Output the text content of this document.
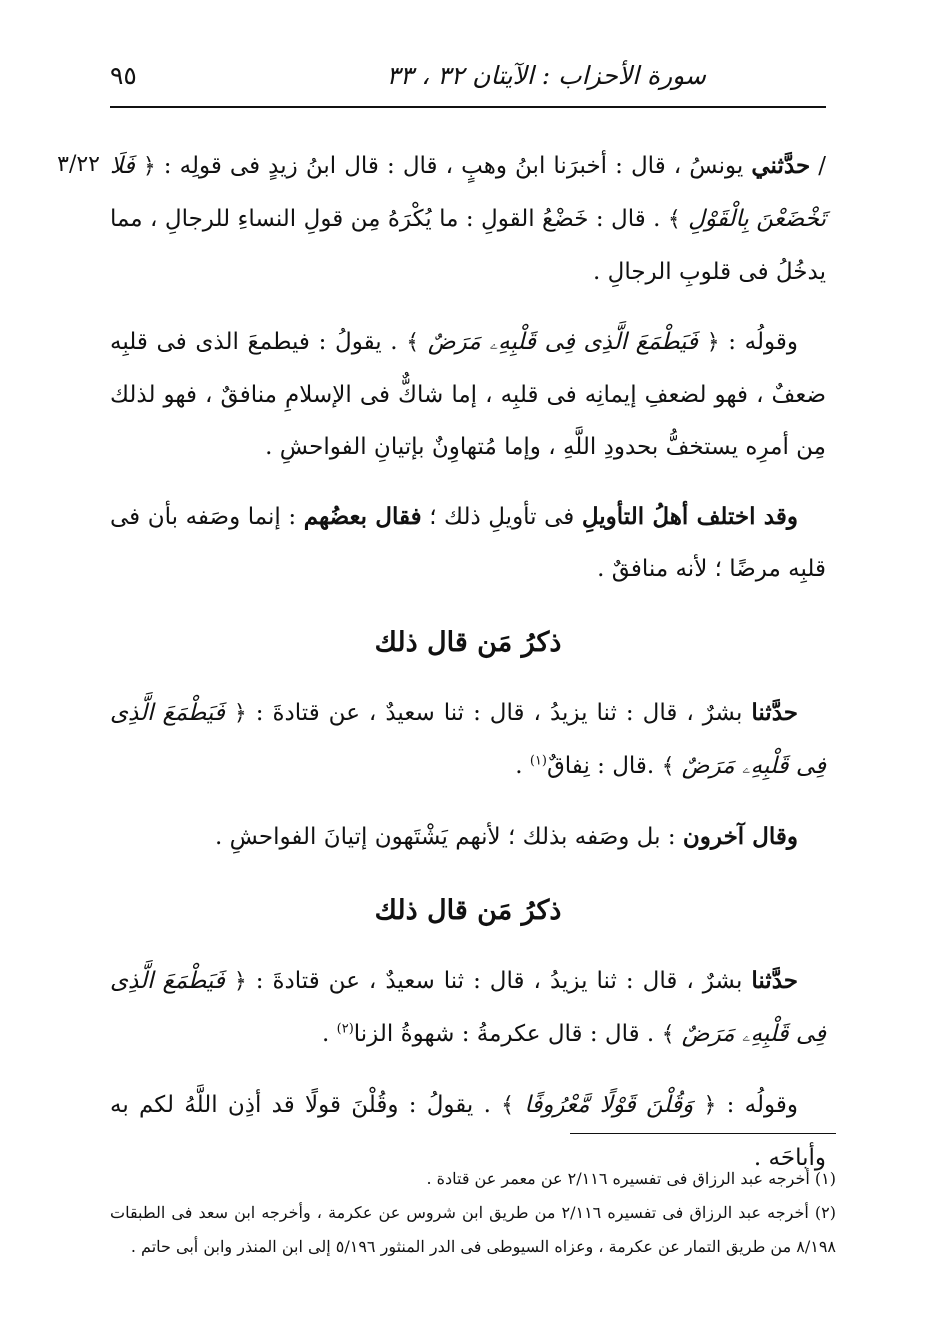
سورة الأحزاب : الآيتان ٣٢ ، ٣٣
٩٥
٣/٢٢	/ حدَّثني يونسُ ، قال : أخبرَنا ابنُ وهبٍ ، قال : قال ابنُ زيدٍ فى قولِه : ﴿ فَلَا تَخْضَعْنَ بِالْقَوْلِ ﴾ . قال : خَضْعُ القولِ : ما يُكْرَهُ مِن قولِ النساءِ للرجالِ ، مما يدخُلُ فى قلوبِ الرجالِ .

وقولُه : ﴿ فَيَطْمَعَ الَّذِى فِى قَلْبِهِۦ مَرَضٌ ﴾ . يقولُ : فيطمعَ الذى فى قلبِه ضعفٌ ، فهو لضعفِ إيمانِه فى قلبِه ، إما شاكٌّ فى الإسلامِ منافقٌ ، فهو لذلك مِن أمرِه يستخفُّ بحدودِ اللَّهِ ، وإما مُتهاوِنٌ بإتيانِ الفواحشِ .

وقد اختلف أهلُ التأويلِ فى تأويلِ ذلك ؛ فقال بعضُهم : إنما وصَفه بأن فى قلبِه مرضًا ؛ لأنه منافقٌ .

ذكرُ مَن قال ذلك

حدَّثنا بشرٌ ، قال : ثنا يزيدُ ، قال : ثنا سعيدٌ ، عن قتادةَ : ﴿ فَيَطْمَعَ الَّذِى فِى قَلْبِهِۦ مَرَضٌ ﴾ .قال : نِفاقٌ$^{(١)}$ .

وقال آخرون : بل وصَفه بذلك ؛ لأنهم يَشْتَهون إتيانَ الفواحشِ .

ذكرُ مَن قال ذلك

حدَّثنا بشرٌ ، قال : ثنا يزيدُ ، قال : ثنا سعيدٌ ، عن قتادةَ : ﴿ فَيَطْمَعَ الَّذِى فِى قَلْبِهِۦ مَرَضٌ ﴾ . قال : قال عكرمةُ : شهوةُ الزنا$^{(٢)}$ .

وقولُه : ﴿ وَقُلْنَ قَوْلًا مَّعْرُوفًا ﴾ . يقولُ : وقُلْنَ قولًا قد أذِن اللَّهُ لكم به وأباحَه .

(١) أخرجه عبد الرزاق فى تفسيره ٢/١١٦ عن معمر عن قتادة .

(٢) أخرجه عبد الرزاق فى تفسيره ٢/١١٦ من طريق ابن شروس عن عكرمة ، وأخرجه ابن سعد فى الطبقات ٨/١٩٨ من طريق التمار عن عكرمة ، وعزاه السيوطى فى الدر المنثور ٥/١٩٦ إلى ابن المنذر وابن أبى حاتم .
